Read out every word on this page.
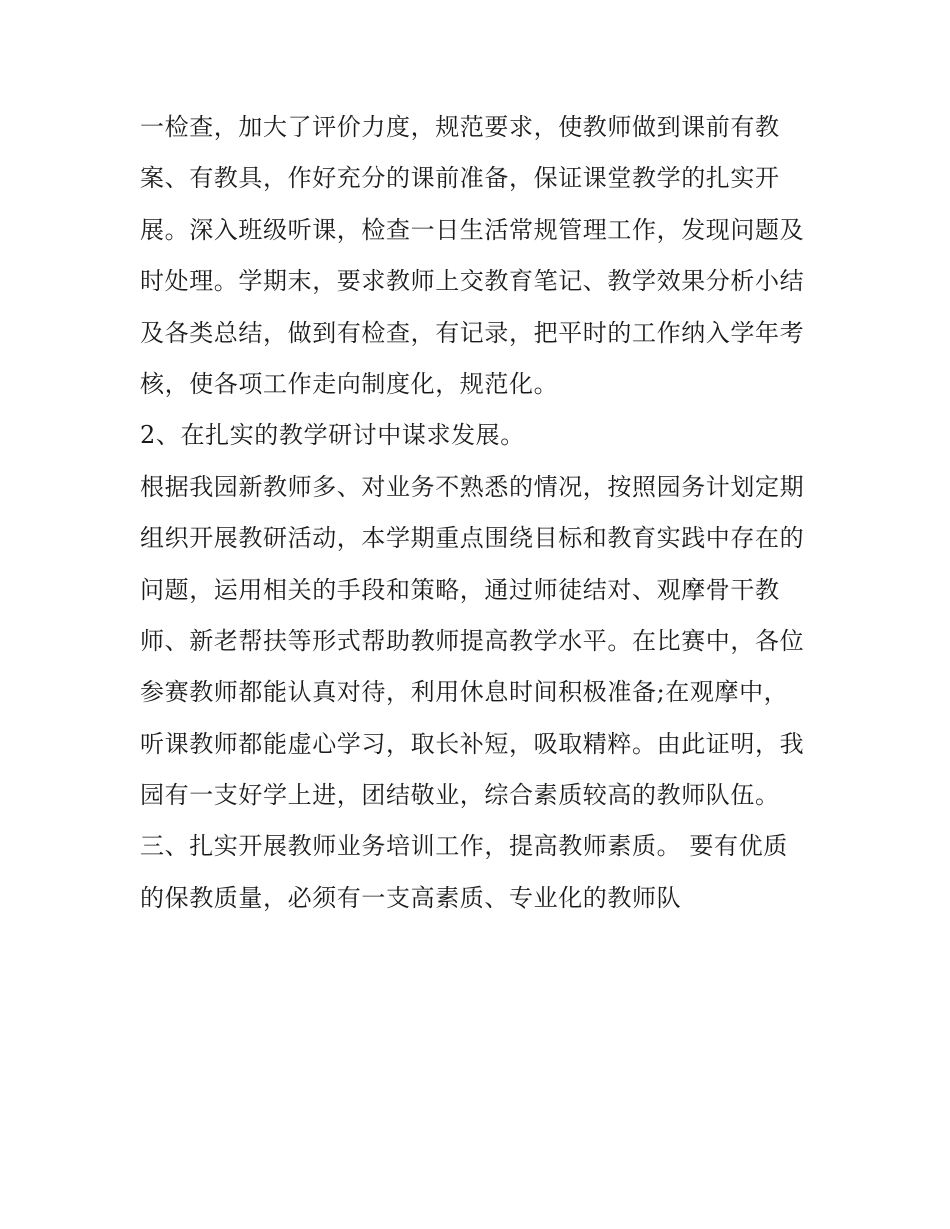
一检查，加大了评价力度，规范要求，使教师做到课前有教

案、有教具，作好充分的课前准备，保证课堂教学的扎实开

展。深入班级听课，检查一日生活常规管理工作，发现问题及

时处理。学期末，要求教师上交教育笔记、教学效果分析小结

及各类总结，做到有检查，有记录，把平时的工作纳入学年考

核，使各项工作走向制度化，规范化。

2、在扎实的教学研讨中谋求发展。

根据我园新教师多、对业务不熟悉的情况，按照园务计划定期

组织开展教研活动，本学期重点围绕目标和教育实践中存在的

问题，运用相关的手段和策略，通过师徒结对、观摩骨干教

师、新老帮扶等形式帮助教师提高教学水平。在比赛中，各位

参赛教师都能认真对待，利用休息时间积极准备;在观摩中，

听课教师都能虚心学习，取长补短，吸取精粹。由此证明，我

园有一支好学上进，团结敬业，综合素质较高的教师队伍。

三、扎实开展教师业务培训工作，提高教师素质。 要有优质

的保教质量，必须有一支高素质、专业化的教师队
